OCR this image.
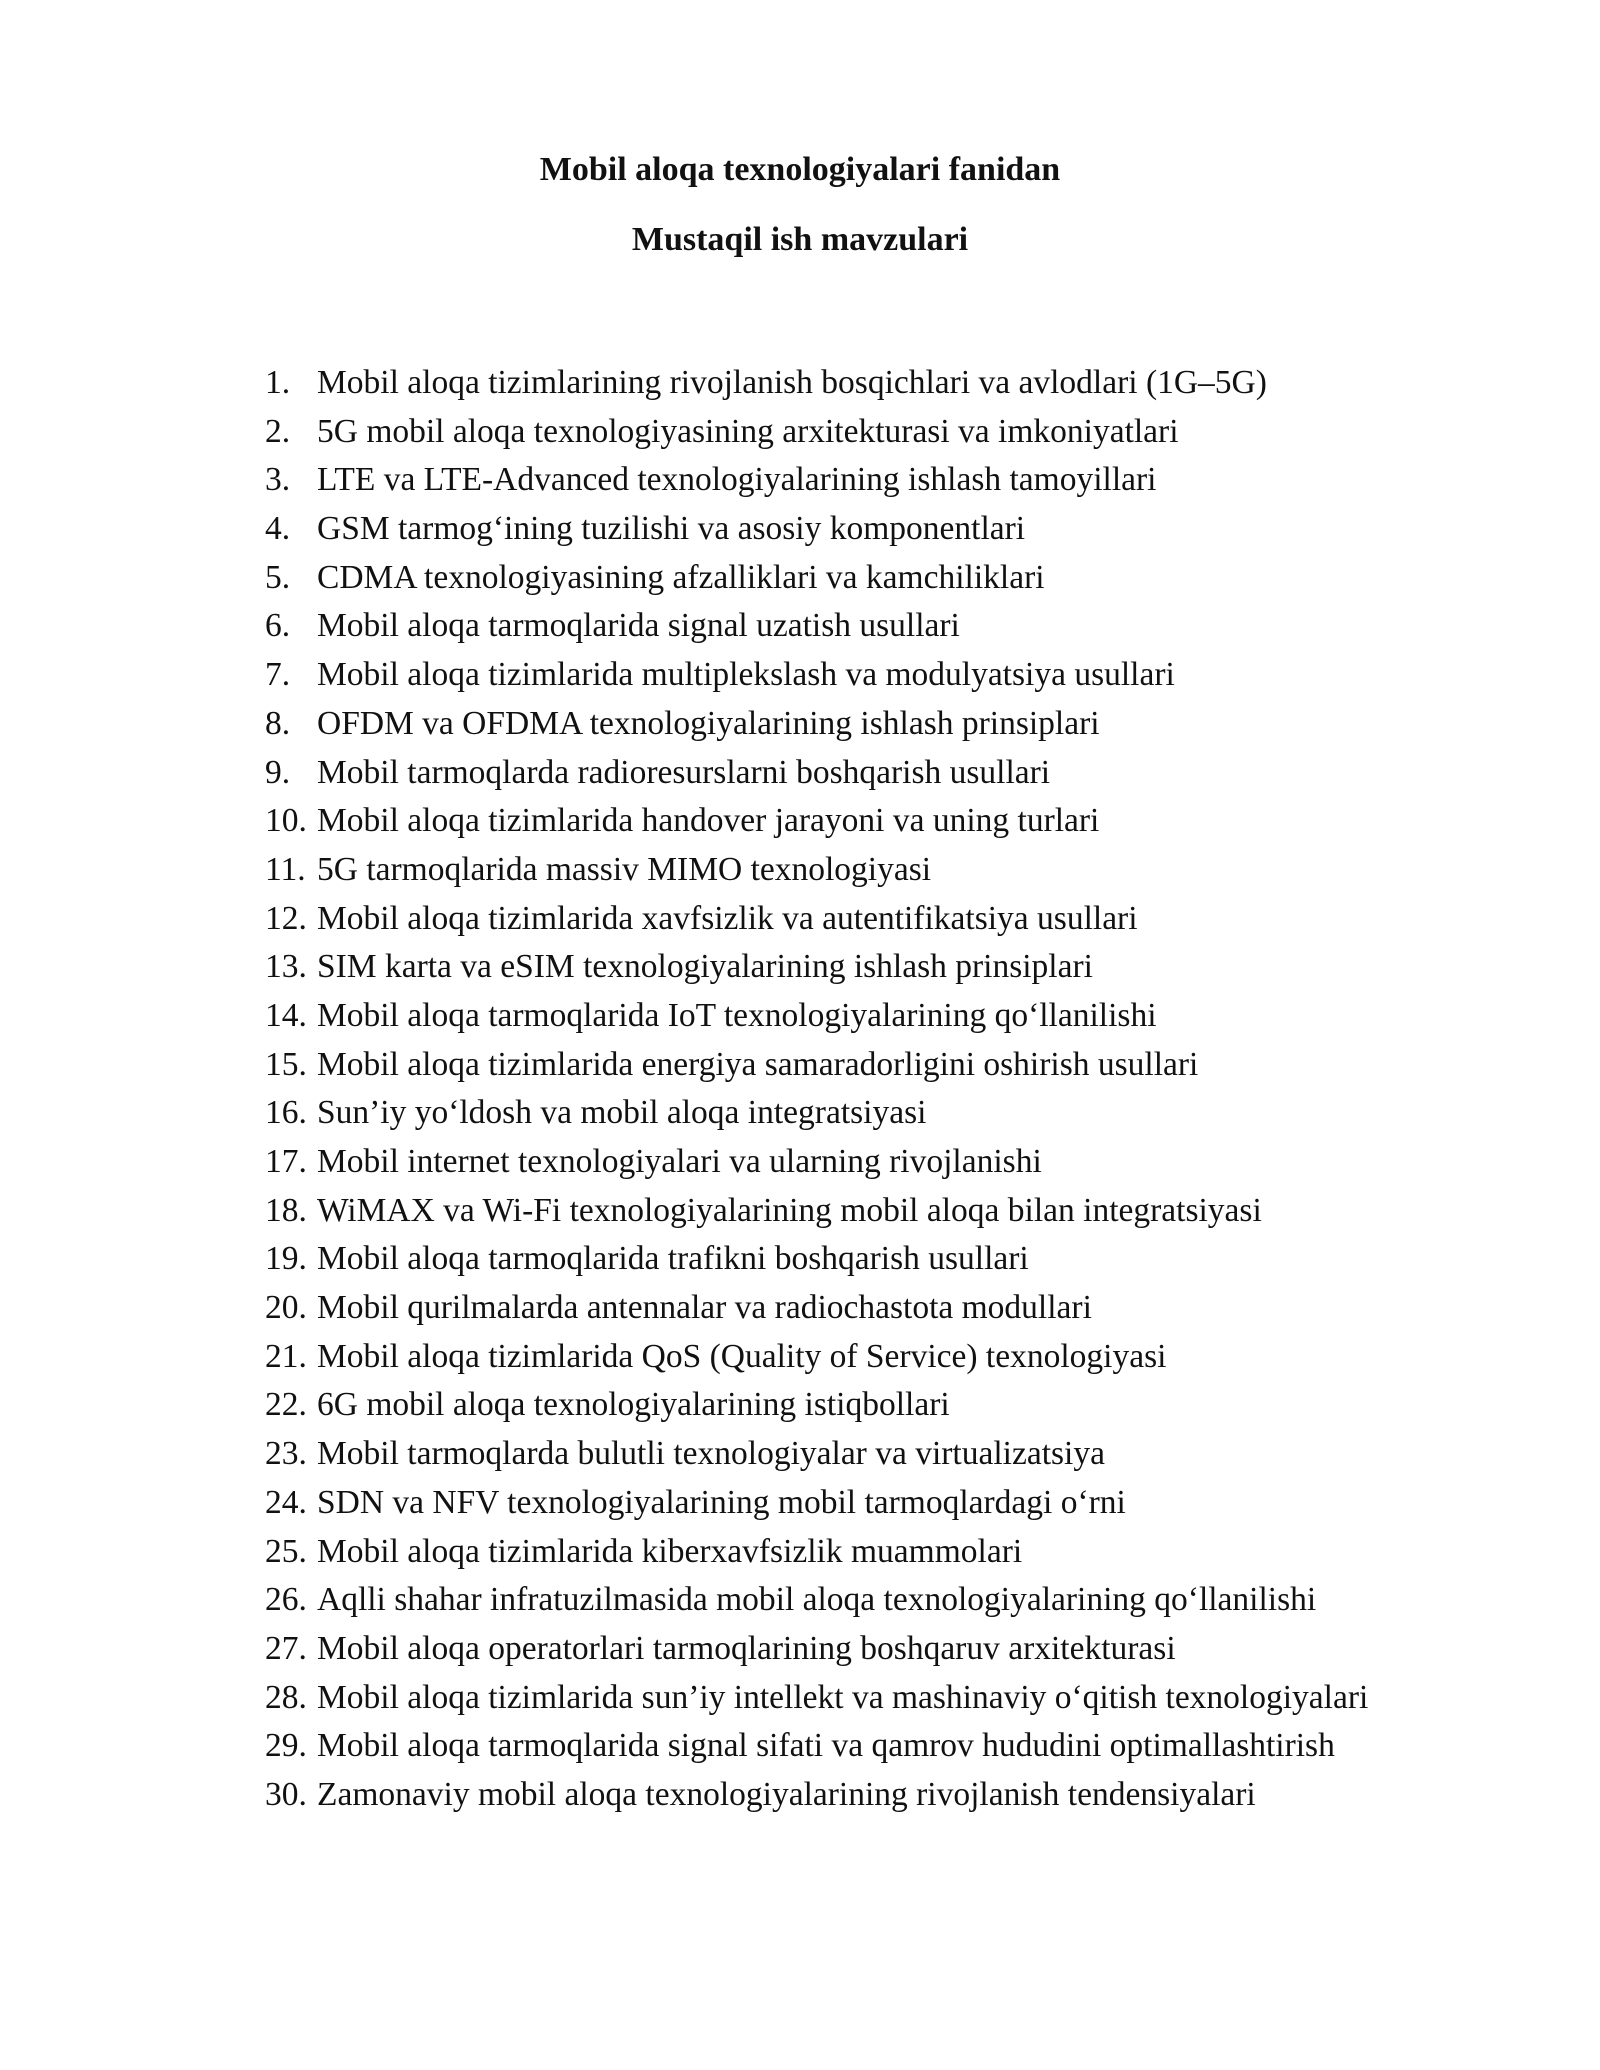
Mobil aloqa texnologiyalari fanidan
Mustaqil ish mavzulari
1. Mobil aloqa tizimlarining rivojlanish bosqichlari va avlodlari (1G–5G)
2. 5G mobil aloqa texnologiyasining arxitekturasi va imkoniyatlari
3. LTE va LTE-Advanced texnologiyalarining ishlash tamoyillari
4. GSM tarmog‘ining tuzilishi va asosiy komponentlari
5. CDMA texnologiyasining afzalliklari va kamchiliklari
6. Mobil aloqa tarmoqlarida signal uzatish usullari
7. Mobil aloqa tizimlarida multiplekslash va modulyatsiya usullari
8. OFDM va OFDMA texnologiyalarining ishlash prinsiplari
9. Mobil tarmoqlarda radioresurslarni boshqarish usullari
10. Mobil aloqa tizimlarida handover jarayoni va uning turlari
11. 5G tarmoqlarida massiv MIMO texnologiyasi
12. Mobil aloqa tizimlarida xavfsizlik va autentifikatsiya usullari
13. SIM karta va eSIM texnologiyalarining ishlash prinsiplari
14. Mobil aloqa tarmoqlarida IoT texnologiyalarining qo‘llanilishi
15. Mobil aloqa tizimlarida energiya samaradorligini oshirish usullari
16. Sun’iy yo‘ldosh va mobil aloqa integratsiyasi
17. Mobil internet texnologiyalari va ularning rivojlanishi
18. WiMAX va Wi-Fi texnologiyalarining mobil aloqa bilan integratsiyasi
19. Mobil aloqa tarmoqlarida trafikni boshqarish usullari
20. Mobil qurilmalarda antennalar va radiochastota modullari
21. Mobil aloqa tizimlarida QoS (Quality of Service) texnologiyasi
22. 6G mobil aloqa texnologiyalarining istiqbollari
23. Mobil tarmoqlarda bulutli texnologiyalar va virtualizatsiya
24. SDN va NFV texnologiyalarining mobil tarmoqlardagi o‘rni
25. Mobil aloqa tizimlarida kiberxavfsizlik muammolari
26. Aqlli shahar infratuzilmasida mobil aloqa texnologiyalarining qo‘llanilishi
27. Mobil aloqa operatorlari tarmoqlarining boshqaruv arxitekturasi
28. Mobil aloqa tizimlarida sun’iy intellekt va mashinaviy o‘qitish texnologiyalari
29. Mobil aloqa tarmoqlarida signal sifati va qamrov hududini optimallashtirish
30. Zamonaviy mobil aloqa texnologiyalarining rivojlanish tendensiyalari
